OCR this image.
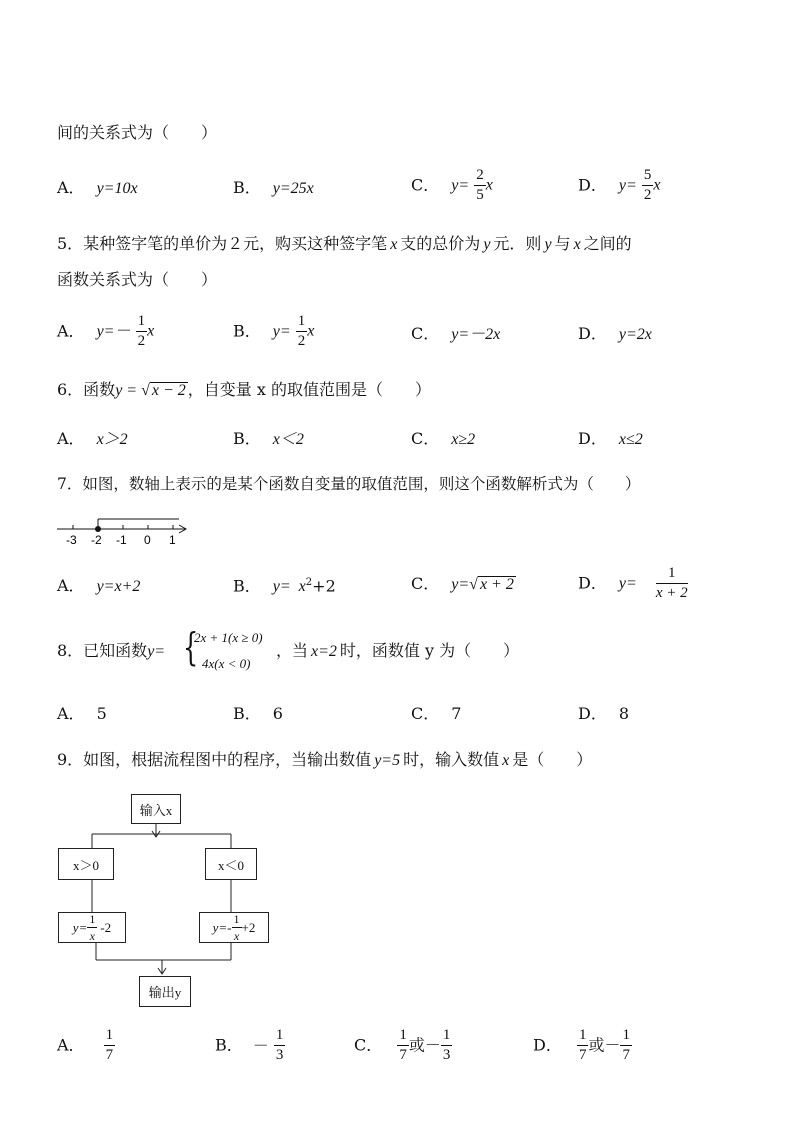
间的关系式为（　　）
A． y=10x	B． y=25x	C． $y= \frac{2}{5}$ x	D． $y= \frac{5}{2}$ x
5．某种签字笔的单价为２元，购买这种签字笔 x 支的总价为 y 元．则 y 与 x 之间的
函数关系式为（　　）
A． $y=- \frac{1}{2}$ x	B． $y= \frac{1}{2}$ x	C． y=－2x	D． y=2x
6．函数y = √ x − 2 ，自变量 x 的取值范围是（　　）
A． x＞2	B． x＜2	C． x≥2	D． x≤2
7．如图，数轴上表示的是某个函数自变量的取值范围，则这个函数解析式为（　　）
-3 -2 -1 0 1
A． y=x+2	B． $y= x^2+2$	C． y=√ x + 2	D． $y= \frac{1}{x + 2}$
8．已知函数y= {
2x + 1(x ≥ 0)
4x(x < 0)
，当 x=2 时，函数值 y 为（　　）
A． 5	B． 6	C． 7	D． 8
9．如图，根据流程图中的程序，当输出数值 y=5 时，输入数值 x 是（　　）
输入x
x＞0	x＜0
$y= \frac{1}{x} -2$	$y=- \frac{1}{x} +2$
输出y
A． $\frac{1}{7}$	B． － $\frac{1}{3}$	C． $\frac{1}{7}$ 或－ $\frac{1}{3}$	D． $\frac{1}{7}$ 或－ $\frac{1}{7}$
